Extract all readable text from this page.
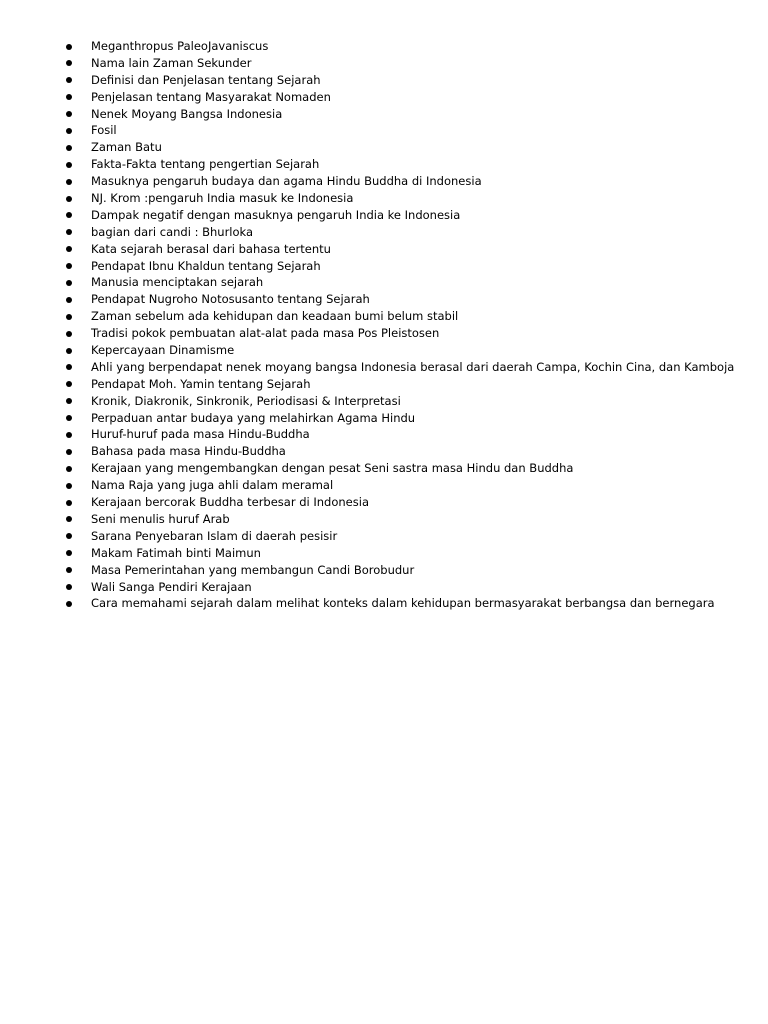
Meganthropus PaleoJavaniscus
Nama lain Zaman Sekunder
Definisi dan Penjelasan tentang Sejarah
Penjelasan tentang Masyarakat Nomaden
Nenek Moyang Bangsa Indonesia
Fosil
Zaman Batu
Fakta-Fakta tentang pengertian Sejarah
Masuknya pengaruh budaya dan agama Hindu Buddha di Indonesia
NJ. Krom :pengaruh India masuk ke Indonesia
Dampak negatif dengan masuknya pengaruh India ke Indonesia
bagian dari candi : Bhurloka
Kata sejarah berasal dari bahasa tertentu
Pendapat Ibnu Khaldun tentang Sejarah
Manusia menciptakan sejarah
Pendapat Nugroho Notosusanto tentang Sejarah
Zaman sebelum ada kehidupan dan keadaan bumi belum stabil
Tradisi pokok pembuatan alat-alat pada masa Pos Pleistosen
Kepercayaan Dinamisme
Ahli yang berpendapat nenek moyang bangsa Indonesia berasal dari daerah Campa, Kochin Cina, dan Kamboja
Pendapat Moh. Yamin tentang Sejarah
Kronik, Diakronik, Sinkronik, Periodisasi & Interpretasi
Perpaduan antar budaya yang melahirkan Agama Hindu
Huruf-huruf pada masa Hindu-Buddha
Bahasa pada masa Hindu-Buddha
Kerajaan yang mengembangkan dengan pesat Seni sastra masa Hindu dan Buddha
Nama Raja yang juga ahli dalam meramal
Kerajaan bercorak Buddha terbesar di Indonesia
Seni menulis huruf Arab
Sarana Penyebaran Islam di daerah pesisir
Makam Fatimah binti Maimun
Masa Pemerintahan yang membangun Candi Borobudur
Wali Sanga Pendiri Kerajaan
Cara memahami sejarah dalam melihat konteks dalam kehidupan bermasyarakat berbangsa dan bernegara
